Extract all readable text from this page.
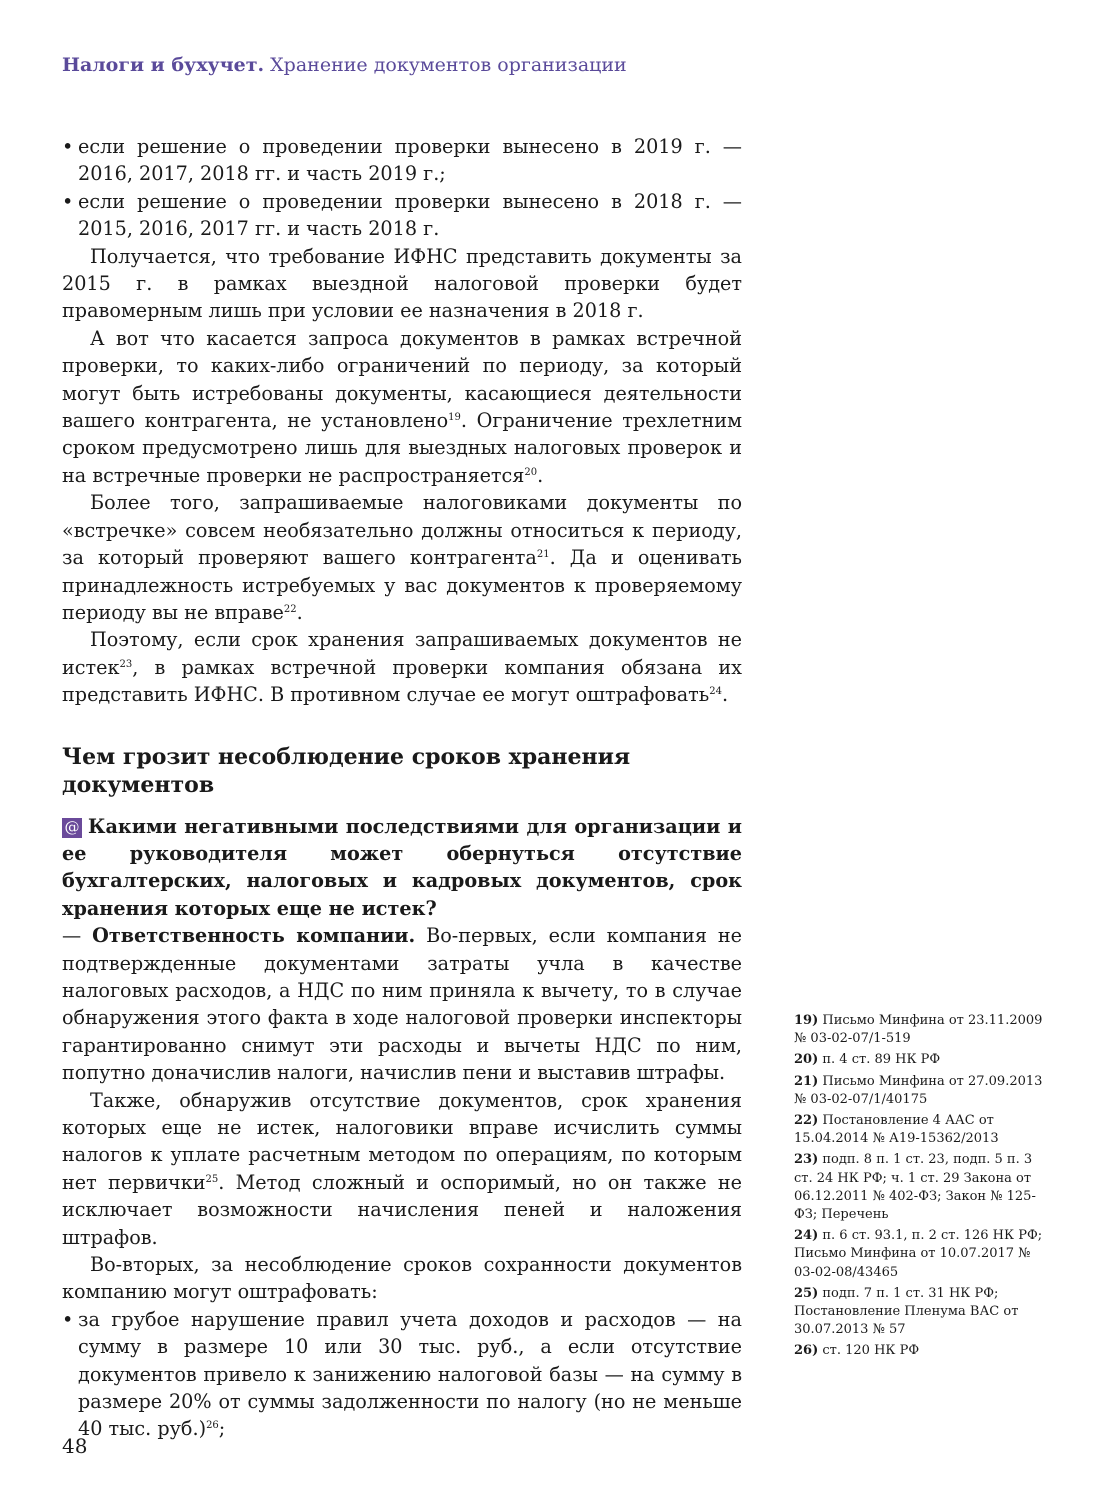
Налоги и бухучет. Хранение документов организации

• если решение о проведении проверки вынесено в 2019 г. — 2016, 2017, 2018 гг. и часть 2019 г.;

• если решение о проведении проверки вынесено в 2018 г. — 2015, 2016, 2017 гг. и часть 2018 г.

Получается, что требование ИФНС представить документы за 2015 г. в рамках выездной налоговой проверки будет правомерным лишь при условии ее назначения в 2018 г.

А вот что касается запроса документов в рамках встречной проверки, то каких-либо ограничений по периоду, за который могут быть истребованы документы, касающиеся деятельности вашего контрагента, не установлено$^{19}$. Ограничение трехлетним сроком предусмотрено лишь для выездных налоговых проверок и на встречные проверки не распространяется$^{20}$.

Более того, запрашиваемые налоговиками документы по «встречке» совсем необязательно должны относиться к периоду, за который проверяют вашего контрагента$^{21}$. Да и оценивать принадлежность истребуемых у вас документов к проверяемому периоду вы не вправе$^{22}$.

Поэтому, если срок хранения запрашиваемых документов не истек$^{23}$, в рамках встречной проверки компания обязана их представить ИФНС. В противном случае ее могут оштрафовать$^{24}$.

Чем грозит несоблюдение сроков хранения документов

@ Какими негативными последствиями для организации и ее руководителя может обернуться отсутствие бухгалтерских, налоговых и кадровых документов, срок хранения которых еще не истек?

— Ответственность компании. Во-первых, если компания не подтвержденные документами затраты учла в качестве налоговых расходов, а НДС по ним приняла к вычету, то в случае обнаружения этого факта в ходе налоговой проверки инспекторы гарантированно снимут эти расходы и вычеты НДС по ним, попутно доначислив налоги, начислив пени и выставив штрафы.

Также, обнаружив отсутствие документов, срок хранения которых еще не истек, налоговики вправе исчислить суммы налогов к уплате расчетным методом по операциям, по которым нет первички$^{25}$. Метод сложный и оспоримый, но он также не исключает возможности начисления пеней и наложения штрафов.

Во-вторых, за несоблюдение сроков сохранности документов компанию могут оштрафовать:

• за грубое нарушение правил учета доходов и расходов — на сумму в размере 10 или 30 тыс. руб., а если отсутствие документов привело к занижению налоговой базы — на сумму в размере 20% от суммы задолженности по налогу (но не меньше 40 тыс. руб.)$^{26}$;

19) Письмо Минфина от 23.11.2009 № 03-02-07/1-519

20) п. 4 ст. 89 НК РФ

21) Письмо Минфина от 27.09.2013 № 03-02-07/1/40175

22) Постановление 4 ААС от 15.04.2014 № А19-15362/2013

23) подп. 8 п. 1 ст. 23, подп. 5 п. 3 ст. 24 НК РФ; ч. 1 ст. 29 Закона от 06.12.2011 № 402-ФЗ; Закон № 125-ФЗ; Перечень

24) п. 6 ст. 93.1, п. 2 ст. 126 НК РФ; Письмо Минфина от 10.07.2017 № 03-02-08/43465

25) подп. 7 п. 1 ст. 31 НК РФ; Постановление Пленума ВАС от 30.07.2013 № 57

26) ст. 120 НК РФ

48
